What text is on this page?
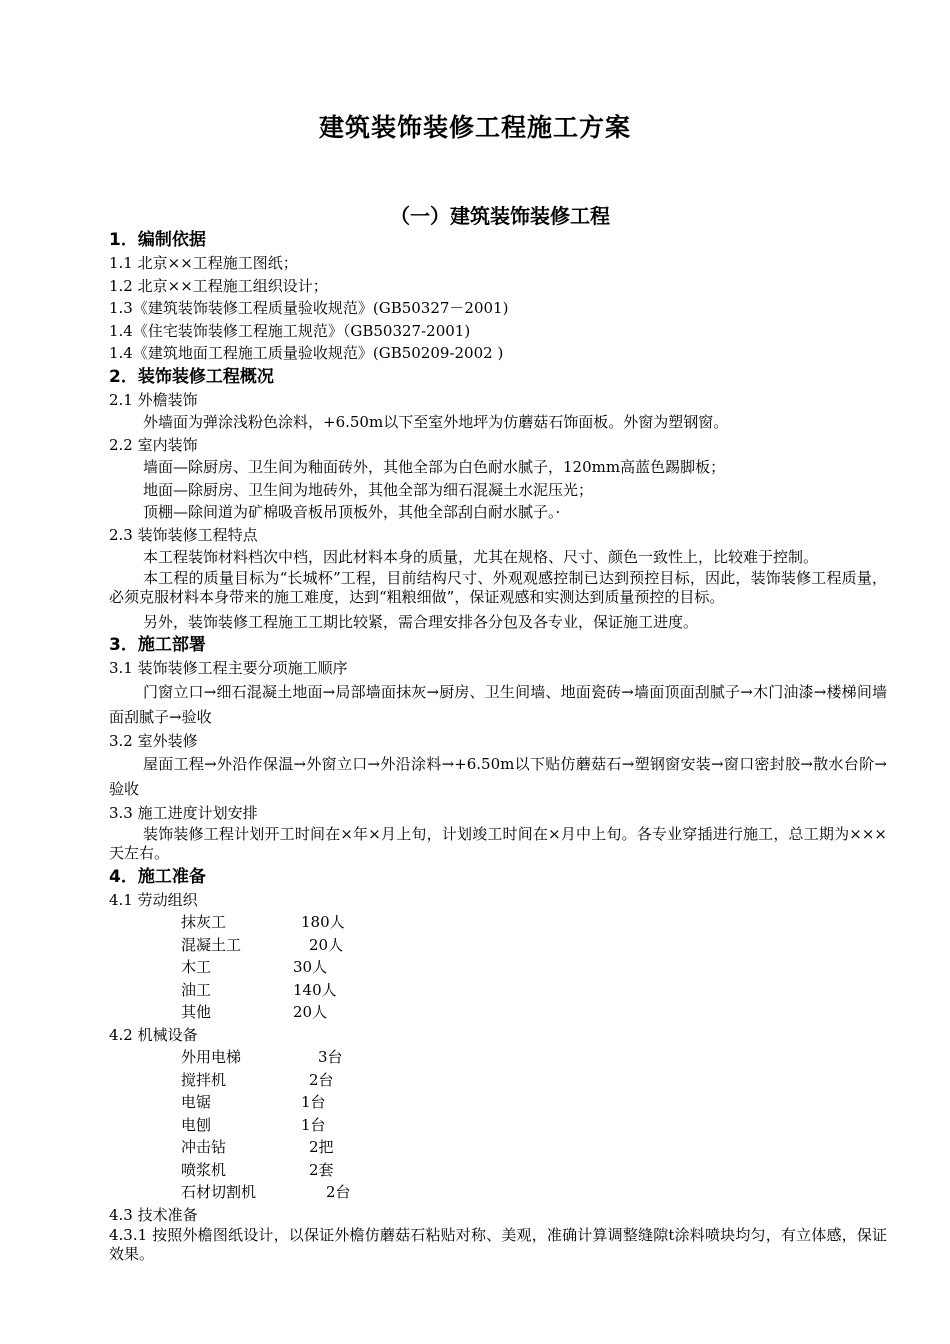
建筑装饰装修工程施工方案
（一）建筑装饰装修工程
1．编制依据
1.1 北京××工程施工图纸；
1.2 北京××工程施工组织设计；
1.3《建筑装饰装修工程质量验收规范》(GB50327－2001)
1.4《住宅装饰装修工程施工规范》（GB50327-2001)
1.4《建筑地面工程施工质量验收规范》(GB50209-2002 )
2．装饰装修工程概况
2.1 外檐装饰
外墙面为弹涂浅粉色涂料，+6.50m以下至室外地坪为仿蘑菇石饰面板。外窗为塑钢窗。
2.2 室内装饰
墙面—除厨房、卫生间为釉面砖外，其他全部为白色耐水腻子，120mm高蓝色踢脚板；
地面—除厨房、卫生间为地砖外，其他全部为细石混凝土水泥压光；
顶棚—除间道为矿棉吸音板吊顶板外，其他全部刮白耐水腻子。·
2.3 装饰装修工程特点
本工程装饰材料档次中档，因此材料本身的质量，尤其在规格、尺寸、颜色一致性上，比较难于控制。
本工程的质量目标为“长城杯”工程，目前结构尺寸、外观观感控制已达到预控目标，因此，装饰装修工程质量，必须克服材料本身带来的施工难度，达到“粗粮细做”，保证观感和实测达到质量预控的目标。
另外，装饰装修工程施工工期比较紧，需合理安排各分包及各专业，保证施工进度。
3．施工部署
3.1 装饰装修工程主要分项施工顺序
门窗立口→细石混凝土地面→局部墙面抹灰→厨房、卫生间墙、地面瓷砖→墙面顶面刮腻子→木门油漆→楼梯间墙面刮腻子→验收
3.2 室外装修
屋面工程→外沿作保温→外窗立口→外沿涂料→+6.50m以下贴仿蘑菇石→塑钢窗安装→窗口密封胶→散水台阶→验收
3.3 施工进度计划安排
装饰装修工程计划开工时间在×年×月上旬，计划竣工时间在×月中上旬。各专业穿插进行施工，总工期为×××天左右。
4．施工准备
4.1 劳动组织
抹灰工	180人
混凝土工	20人
木工	30人
油工	140人
其他	20人
4.2 机械设备
外用电梯	3台
搅拌机	2台
电锯	1台
电刨	1台
冲击钻	2把
喷浆机	2套
石材切割机	2台
4.3 技术准备
4.3.1 按照外檐图纸设计，以保证外檐仿蘑菇石粘贴对称、美观，准确计算调整缝隙t涂料喷块均匀，有立体感，保证效果。
